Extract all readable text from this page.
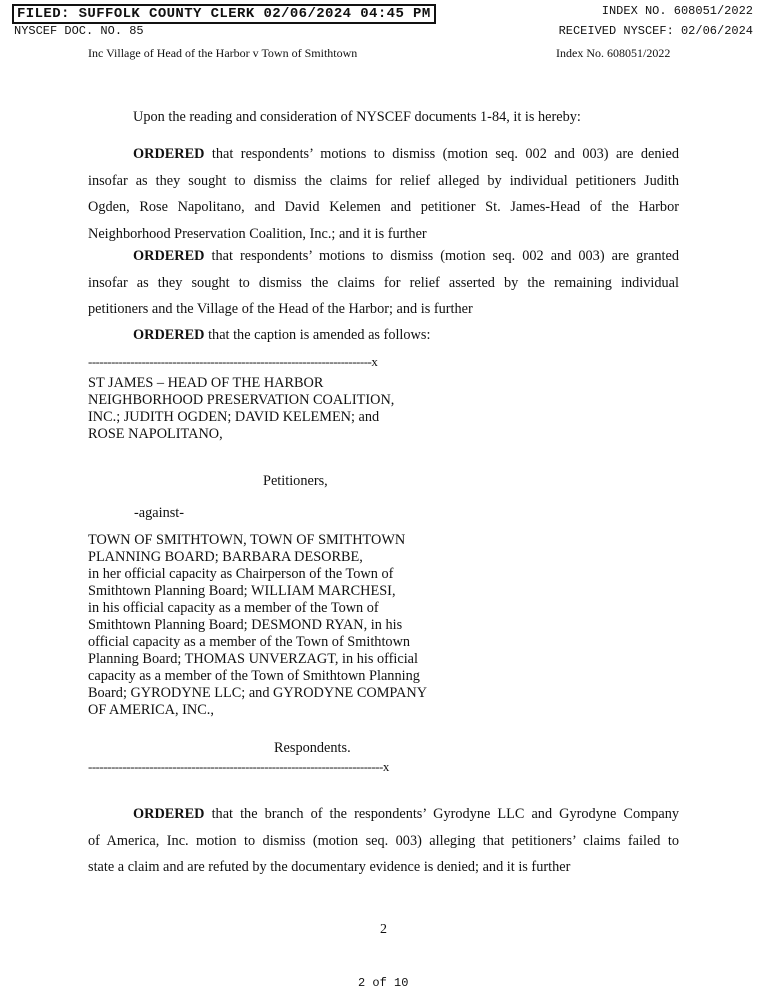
FILED: SUFFOLK COUNTY CLERK 02/06/2024 04:45 PM	INDEX NO. 608051/2022
NYSCEF DOC. NO. 85	RECEIVED NYSCEF: 02/06/2024
Inc Village of Head of the Harbor v Town of Smithtown	Index No. 608051/2022
Upon the reading and consideration of NYSCEF documents 1-84, it is hereby:
ORDERED that respondents’ motions to dismiss (motion seq. 002 and 003) are denied
insofar as they sought to dismiss the claims for relief alleged by individual petitioners Judith
Ogden, Rose Napolitano, and David Kelemen and petitioner St. James-Head of the Harbor
Neighborhood Preservation Coalition, Inc.; and it is further
ORDERED that respondents’ motions to dismiss (motion seq. 002 and 003) are granted
insofar as they sought to dismiss the claims for relief asserted by the remaining individual
petitioners and the Village of the Head of the Harbor; and is further
ORDERED that the caption is amended as follows:
--------------------------------------------------------------------------x
ST JAMES – HEAD OF THE HARBOR
NEIGHBORHOOD PRESERVATION COALITION,
INC.; JUDITH OGDEN; DAVID KELEMEN; and
ROSE NAPOLITANO,
Petitioners,
-against-
TOWN OF SMITHTOWN, TOWN OF SMITHTOWN
PLANNING BOARD; BARBARA DESORBE,
in her official capacity as Chairperson of the Town of
Smithtown Planning Board; WILLIAM MARCHESI,
in his official capacity as a member of the Town of
Smithtown Planning Board; DESMOND RYAN, in his
official capacity as a member of the Town of Smithtown
Planning Board; THOMAS UNVERZAGT, in his official
capacity as a member of the Town of Smithtown Planning
Board; GYRODYNE LLC; and GYRODYNE COMPANY
OF AMERICA, INC.,
Respondents.
-----------------------------------------------------------------------------x
ORDERED that the branch of the respondents’ Gyrodyne LLC and Gyrodyne Company
of America, Inc. motion to dismiss (motion seq. 003) alleging that petitioners’ claims failed to
state a claim and are refuted by the documentary evidence is denied; and it is further
2
2 of 10
